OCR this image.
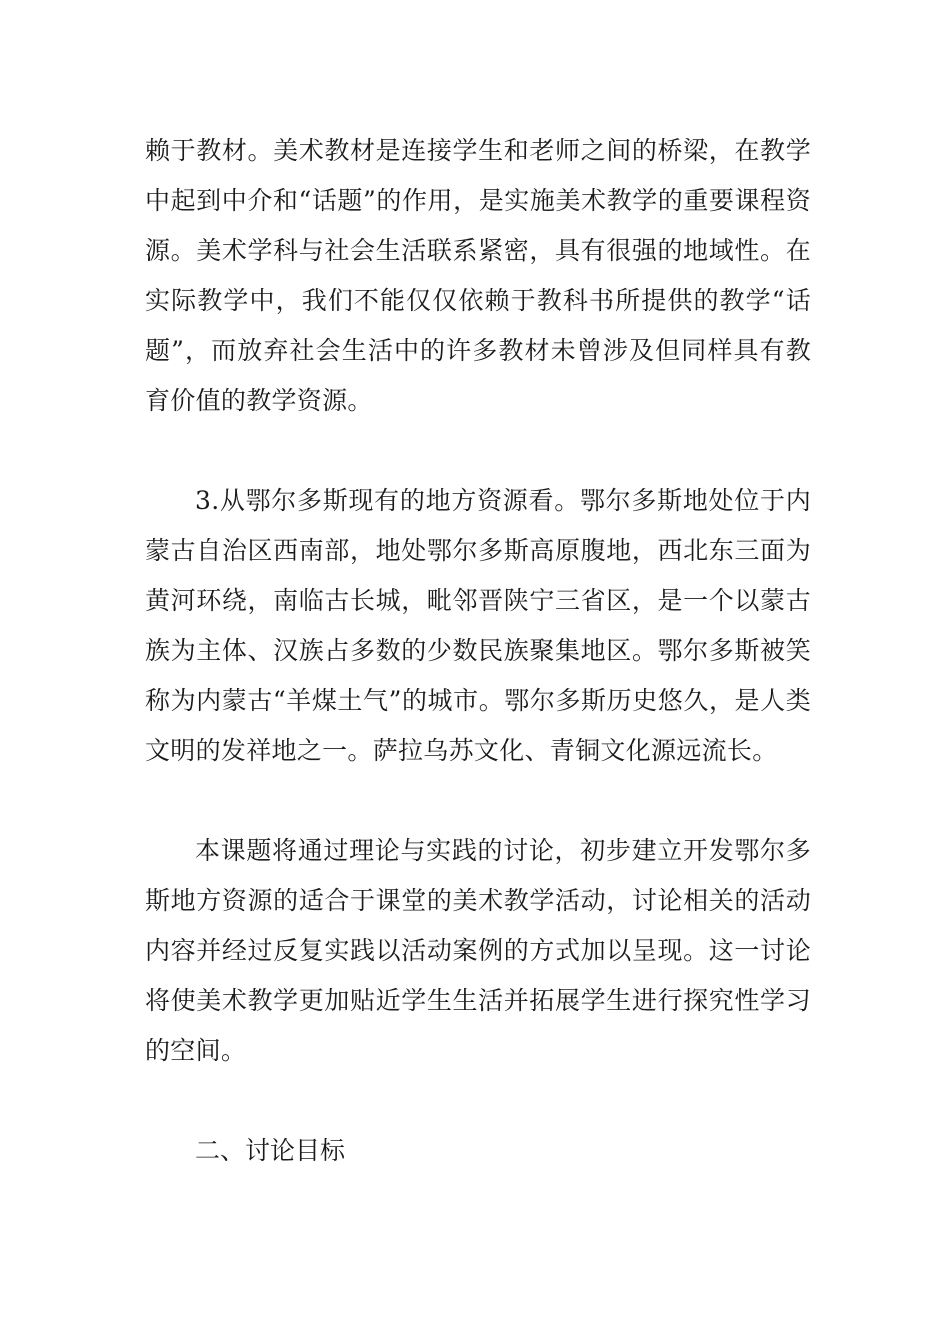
赖于教材。美术教材是连接学生和老师之间的桥梁，在教学中起到中介和“话题”的作用，是实施美术教学的重要课程资源。美术学科与社会生活联系紧密，具有很强的地域性。在实际教学中，我们不能仅仅依赖于教科书所提供的教学“话题”，而放弃社会生活中的许多教材未曾涉及但同样具有教育价值的教学资源。

3.从鄂尔多斯现有的地方资源看。鄂尔多斯地处位于内蒙古自治区西南部，地处鄂尔多斯高原腹地，西北东三面为黄河环绕，南临古长城，毗邻晋陕宁三省区，是一个以蒙古族为主体、汉族占多数的少数民族聚集地区。鄂尔多斯被笑称为内蒙古“羊煤土气”的城市。鄂尔多斯历史悠久，是人类文明的发祥地之一。萨拉乌苏文化、青铜文化源远流长。

本课题将通过理论与实践的讨论，初步建立开发鄂尔多斯地方资源的适合于课堂的美术教学活动，讨论相关的活动内容并经过反复实践以活动案例的方式加以呈现。这一讨论将使美术教学更加贴近学生生活并拓展学生进行探究性学习的空间。

二、讨论目标
